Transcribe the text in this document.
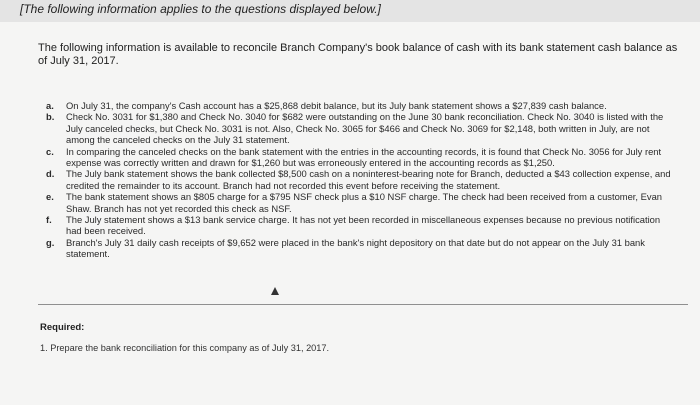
[The following information applies to the questions displayed below.]
The following information is available to reconcile Branch Company's book balance of cash with its bank statement cash balance as of July 31, 2017.
a.	On July 31, the company's Cash account has a $25,868 debit balance, but its July bank statement shows a $27,839 cash balance.
b.	Check No. 3031 for $1,380 and Check No. 3040 for $682 were outstanding on the June 30 bank reconciliation. Check No. 3040 is listed with the July canceled checks, but Check No. 3031 is not. Also, Check No. 3065 for $466 and Check No. 3069 for $2,148, both written in July, are not among the canceled checks on the July 31 statement.
c.	In comparing the canceled checks on the bank statement with the entries in the accounting records, it is found that Check No. 3056 for July rent expense was correctly written and drawn for $1,260 but was erroneously entered in the accounting records as $1,250.
d.	The July bank statement shows the bank collected $8,500 cash on a noninterest-bearing note for Branch, deducted a $43 collection expense, and credited the remainder to its account. Branch had not recorded this event before receiving the statement.
e.	The bank statement shows an $805 charge for a $795 NSF check plus a $10 NSF charge. The check had been received from a customer, Evan Shaw. Branch has not yet recorded this check as NSF.
f.	The July statement shows a $13 bank service charge. It has not yet been recorded in miscellaneous expenses because no previous notification had been received.
g.	Branch's July 31 daily cash receipts of $9,652 were placed in the bank's night depository on that date but do not appear on the July 31 bank statement.
Required:
1. Prepare the bank reconciliation for this company as of July 31, 2017.
